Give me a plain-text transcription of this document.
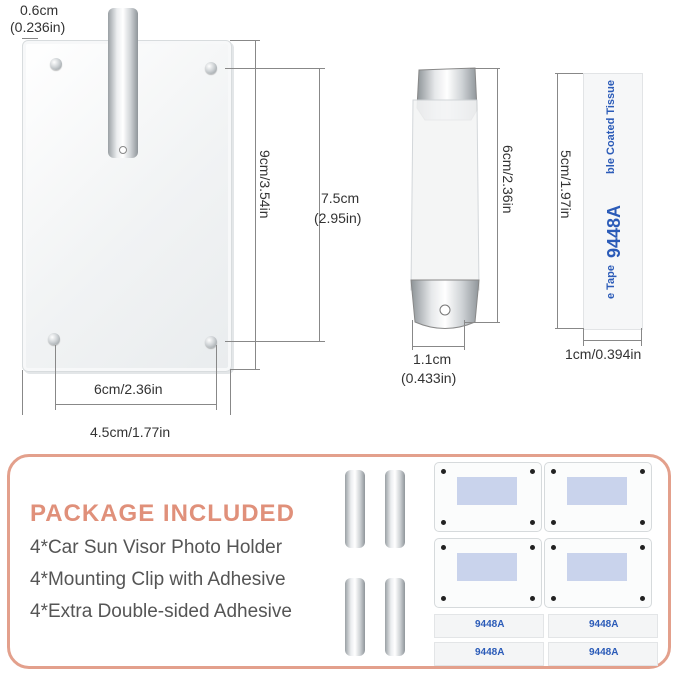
0.6cm
(0.236in)
9cm/3.54in	7.5cm
(2.95in)
6cm/2.36in
4.5cm/1.77in
6cm/2.36in
1.1cm
(0.433in)
ble Coated Tissue
9448A
e Tape
5cm/1.97in
1cm/0.394in
PACKAGE INCLUDED
4*Car Sun Visor Photo Holder
4*Mounting Clip with Adhesive
4*Extra Double-sided Adhesive
9448A	9448A
9448A	9448A
